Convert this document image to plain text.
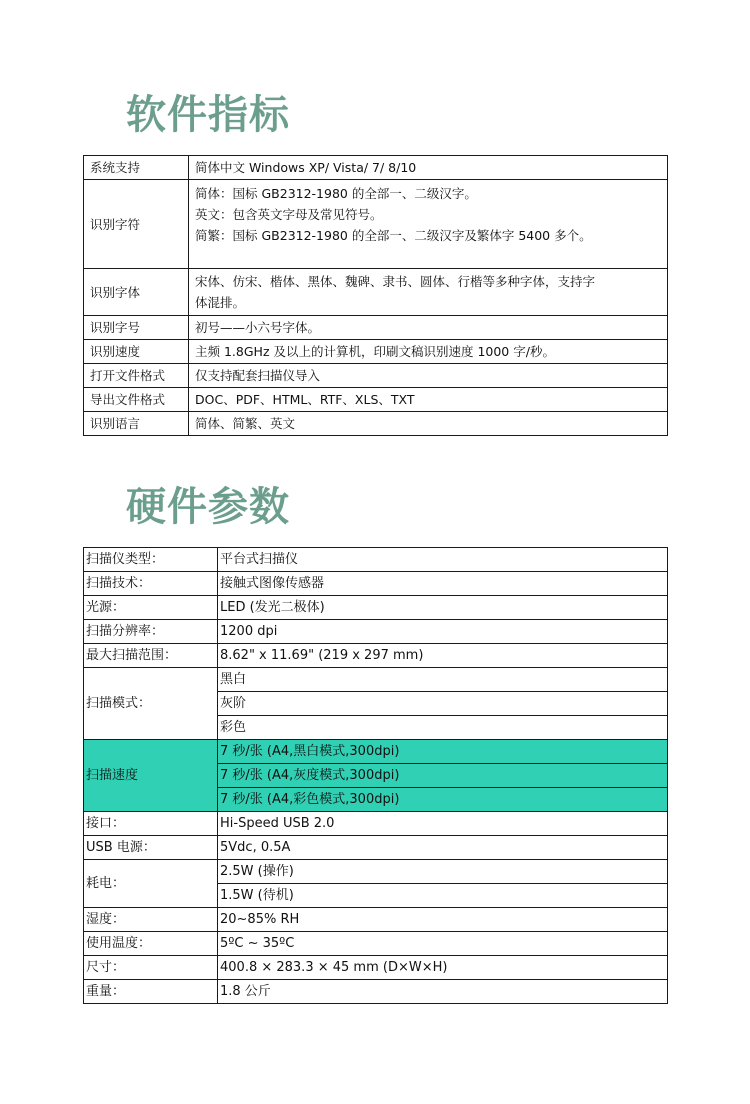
软件指标
系统支持	简体中文 Windows XP/ Vista/ 7/ 8/10
识别字符	简体：国标 GB2312-1980 的全部一、二级汉字。
英文：包含英文字母及常见符号。
简繁：国标 GB2312-1980 的全部一、二级汉字及繁体字 5400 多个。

识别字体	宋体、仿宋、楷体、黑体、魏碑、隶书、圆体、行楷等多种字体，支持字
体混排。

识别字号	初号——小六号字体。
识别速度	主频 1.8GHz 及以上的计算机，印刷文稿识别速度 1000 字/秒。
打开文件格式	仅支持配套扫描仪导入
导出文件格式	DOC、PDF、HTML、RTF、XLS、TXT
识别语言	简体、简繁、英文
硬件参数
扫描仪类型：	平台式扫描仪
扫描技术：	接触式图像传感器
光源：	LED (发光二极体)
扫描分辨率：	1200 dpi
最大扫描范围：	8.62" x 11.69" (219 x 297 mm)
扫描模式：	黑白
	灰阶
	彩色
扫描速度	7 秒/张 (A4,黑白模式,300dpi)
	7 秒/张 (A4,灰度模式,300dpi)
	7 秒/张 (A4,彩色模式,300dpi)
接口：	Hi-Speed USB 2.0
USB 电源：	5Vdc, 0.5A
耗电：	2.5W (操作)
	1.5W (待机)
湿度：	20~85% RH
使用温度：	5ºC ~ 35ºC
尺寸：	400.8 × 283.3 × 45 mm (D×W×H)
重量：	1.8 公斤
